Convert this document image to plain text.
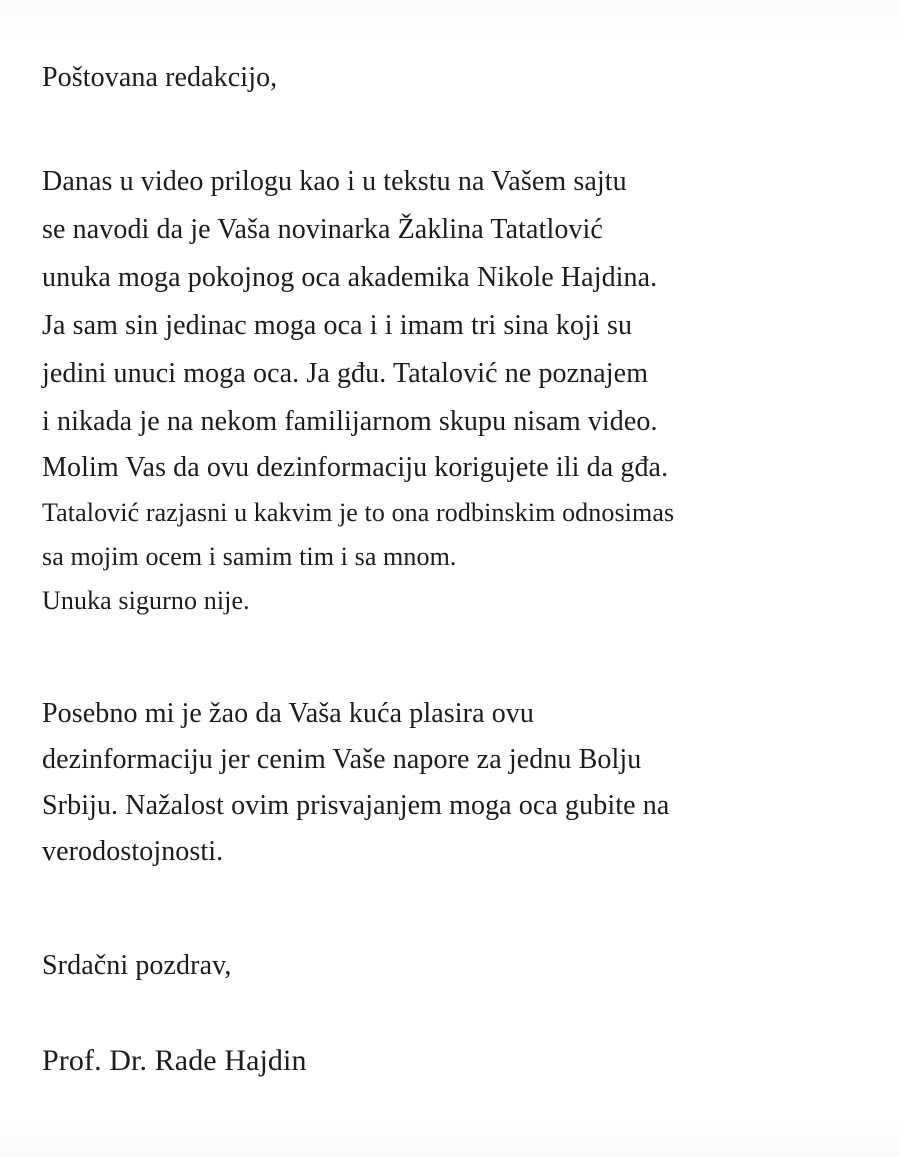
Poštovana redakcijo,

Danas u video prilogu kao i u tekstu na Vašem sajtu

se navodi da je Vaša novinarka Žaklina Tatatlović

unuka moga pokojnog oca akademika Nikole Hajdina.

Ja sam sin jedinac moga oca i i imam tri sina koji su

jedini unuci moga oca. Ja gđu. Tatalović ne poznajem

i nikada je na nekom familijarnom skupu nisam video.

Molim Vas da ovu dezinformaciju korigujete ili da gđa.

Tatalović razjasni u kakvim je to ona rodbinskim odnosimas

sa mojim ocem i samim tim i sa mnom.

Unuka sigurno nije.

Posebno mi je žao da Vaša kuća plasira ovu

dezinformaciju jer cenim Vaše napore za jednu Bolju

Srbiju. Nažalost ovim prisvajanjem moga oca gubite na

verodostojnosti.

Srdačni pozdrav,

Prof. Dr. Rade Hajdin
